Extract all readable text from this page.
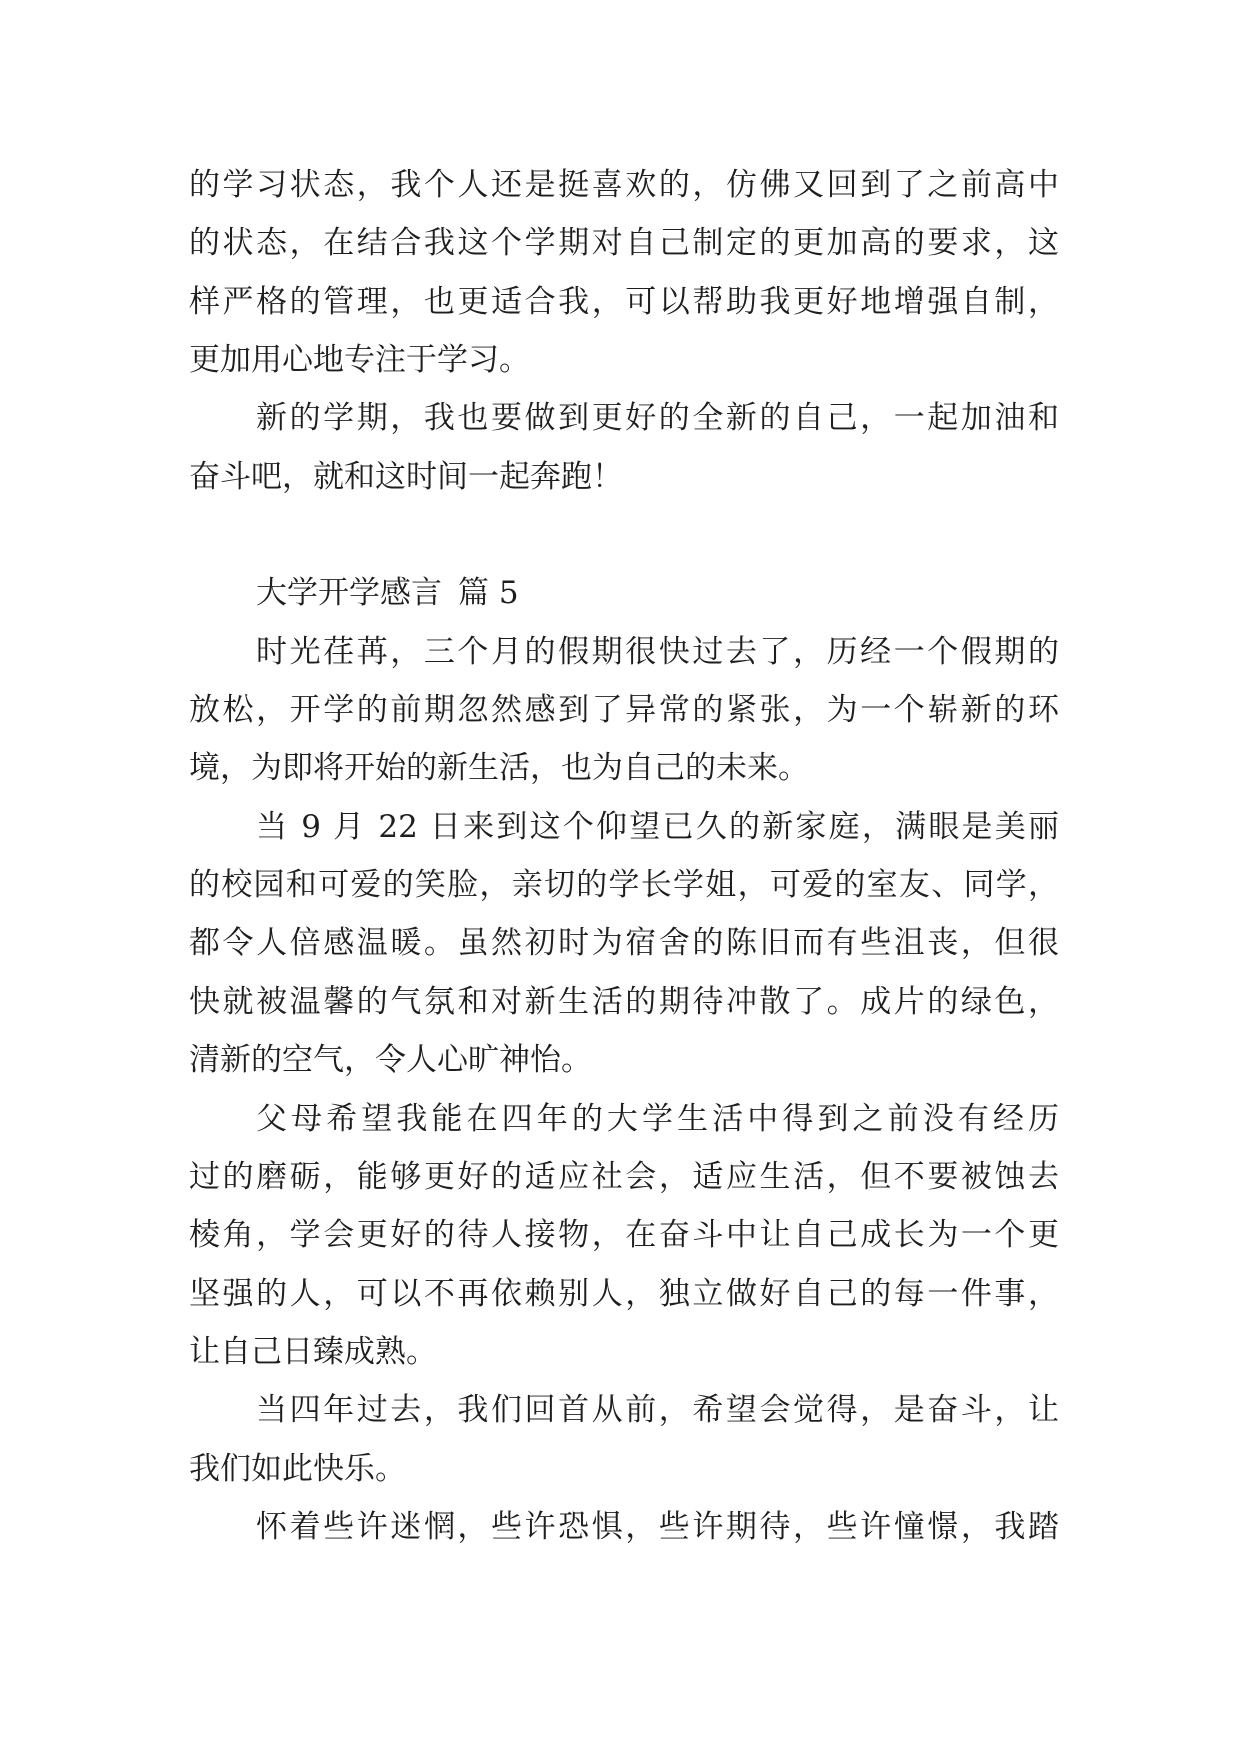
的学习状态，我个人还是挺喜欢的，仿佛又回到了之前高中
的状态，在结合我这个学期对自己制定的更加高的要求，这
样严格的管理，也更适合我，可以帮助我更好地增强自制，
更加用心地专注于学习。
新的学期，我也要做到更好的全新的自己，一起加油和
奋斗吧，就和这时间一起奔跑！
大学开学感言 篇 5
时光荏苒，三个月的假期很快过去了，历经一个假期的
放松，开学的前期忽然感到了异常的紧张，为一个崭新的环
境，为即将开始的新生活，也为自己的未来。
当 9 月 22 日来到这个仰望已久的新家庭，满眼是美丽
的校园和可爱的笑脸，亲切的学长学姐，可爱的室友、同学，
都令人倍感温暖。虽然初时为宿舍的陈旧而有些沮丧，但很
快就被温馨的气氛和对新生活的期待冲散了。成片的绿色，
清新的空气，令人心旷神怡。
父母希望我能在四年的大学生活中得到之前没有经历
过的磨砺，能够更好的适应社会，适应生活，但不要被蚀去
棱角，学会更好的待人接物，在奋斗中让自己成长为一个更
坚强的人，可以不再依赖别人，独立做好自己的每一件事，
让自己日臻成熟。
当四年过去，我们回首从前，希望会觉得，是奋斗，让
我们如此快乐。
怀着些许迷惘，些许恐惧，些许期待，些许憧憬，我踏
